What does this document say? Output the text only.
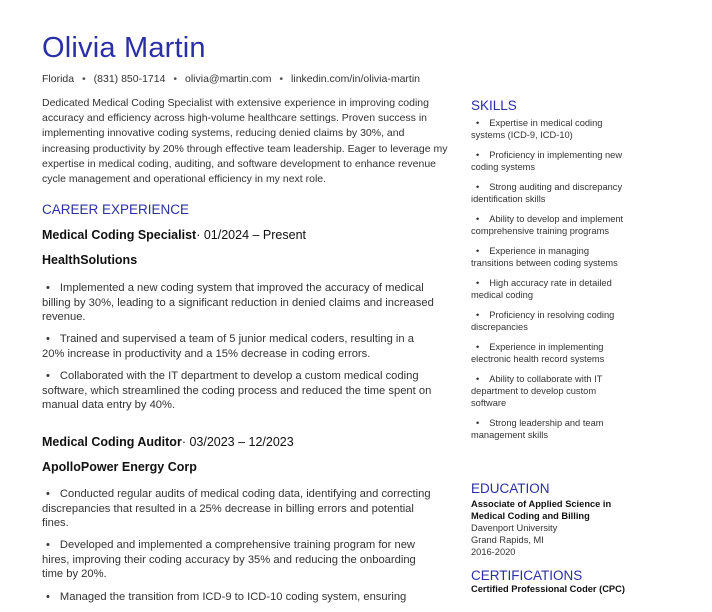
Olivia Martin
Florida • (831) 850-1714 • olivia@martin.com • linkedin.com/in/olivia-martin

Dedicated Medical Coding Specialist with extensive experience in improving coding accuracy and efficiency across high-volume healthcare settings. Proven success in implementing innovative coding systems, reducing denied claims by 30%, and increasing productivity by 20% through effective team leadership. Eager to leverage my expertise in medical coding, auditing, and software development to enhance revenue cycle management and operational efficiency in my next role.

CAREER EXPERIENCE
Medical Coding Specialist· 01/2024 – Present
HealthSolutions
• Implemented a new coding system that improved the accuracy of medical billing by 30%, leading to a significant reduction in denied claims and increased revenue.
• Trained and supervised a team of 5 junior medical coders, resulting in a 20% increase in productivity and a 15% decrease in coding errors.
• Collaborated with the IT department to develop a custom medical coding software, which streamlined the coding process and reduced the time spent on manual data entry by 40%.
Medical Coding Auditor· 03/2023 – 12/2023
ApolloPower Energy Corp
• Conducted regular audits of medical coding data, identifying and correcting discrepancies that resulted in a 25% decrease in billing errors and potential fines.
• Developed and implemented a comprehensive training program for new hires, improving their coding accuracy by 35% and reducing the onboarding time by 20%.
• Managed the transition from ICD-9 to ICD-10 coding system, ensuring
SKILLS
• Expertise in medical coding systems (ICD-9, ICD-10)
• Proficiency in implementing new coding systems
• Strong auditing and discrepancy identification skills
• Ability to develop and implement comprehensive training programs
• Experience in managing transitions between coding systems
• High accuracy rate in detailed medical coding
• Proficiency in resolving coding discrepancies
• Experience in implementing electronic health record systems
• Ability to collaborate with IT department to develop custom software
• Strong leadership and team management skills
EDUCATION
Associate of Applied Science in Medical Coding and Billing
Davenport University
Grand Rapids, MI
2016-2020
CERTIFICATIONS
Certified Professional Coder (CPC)
